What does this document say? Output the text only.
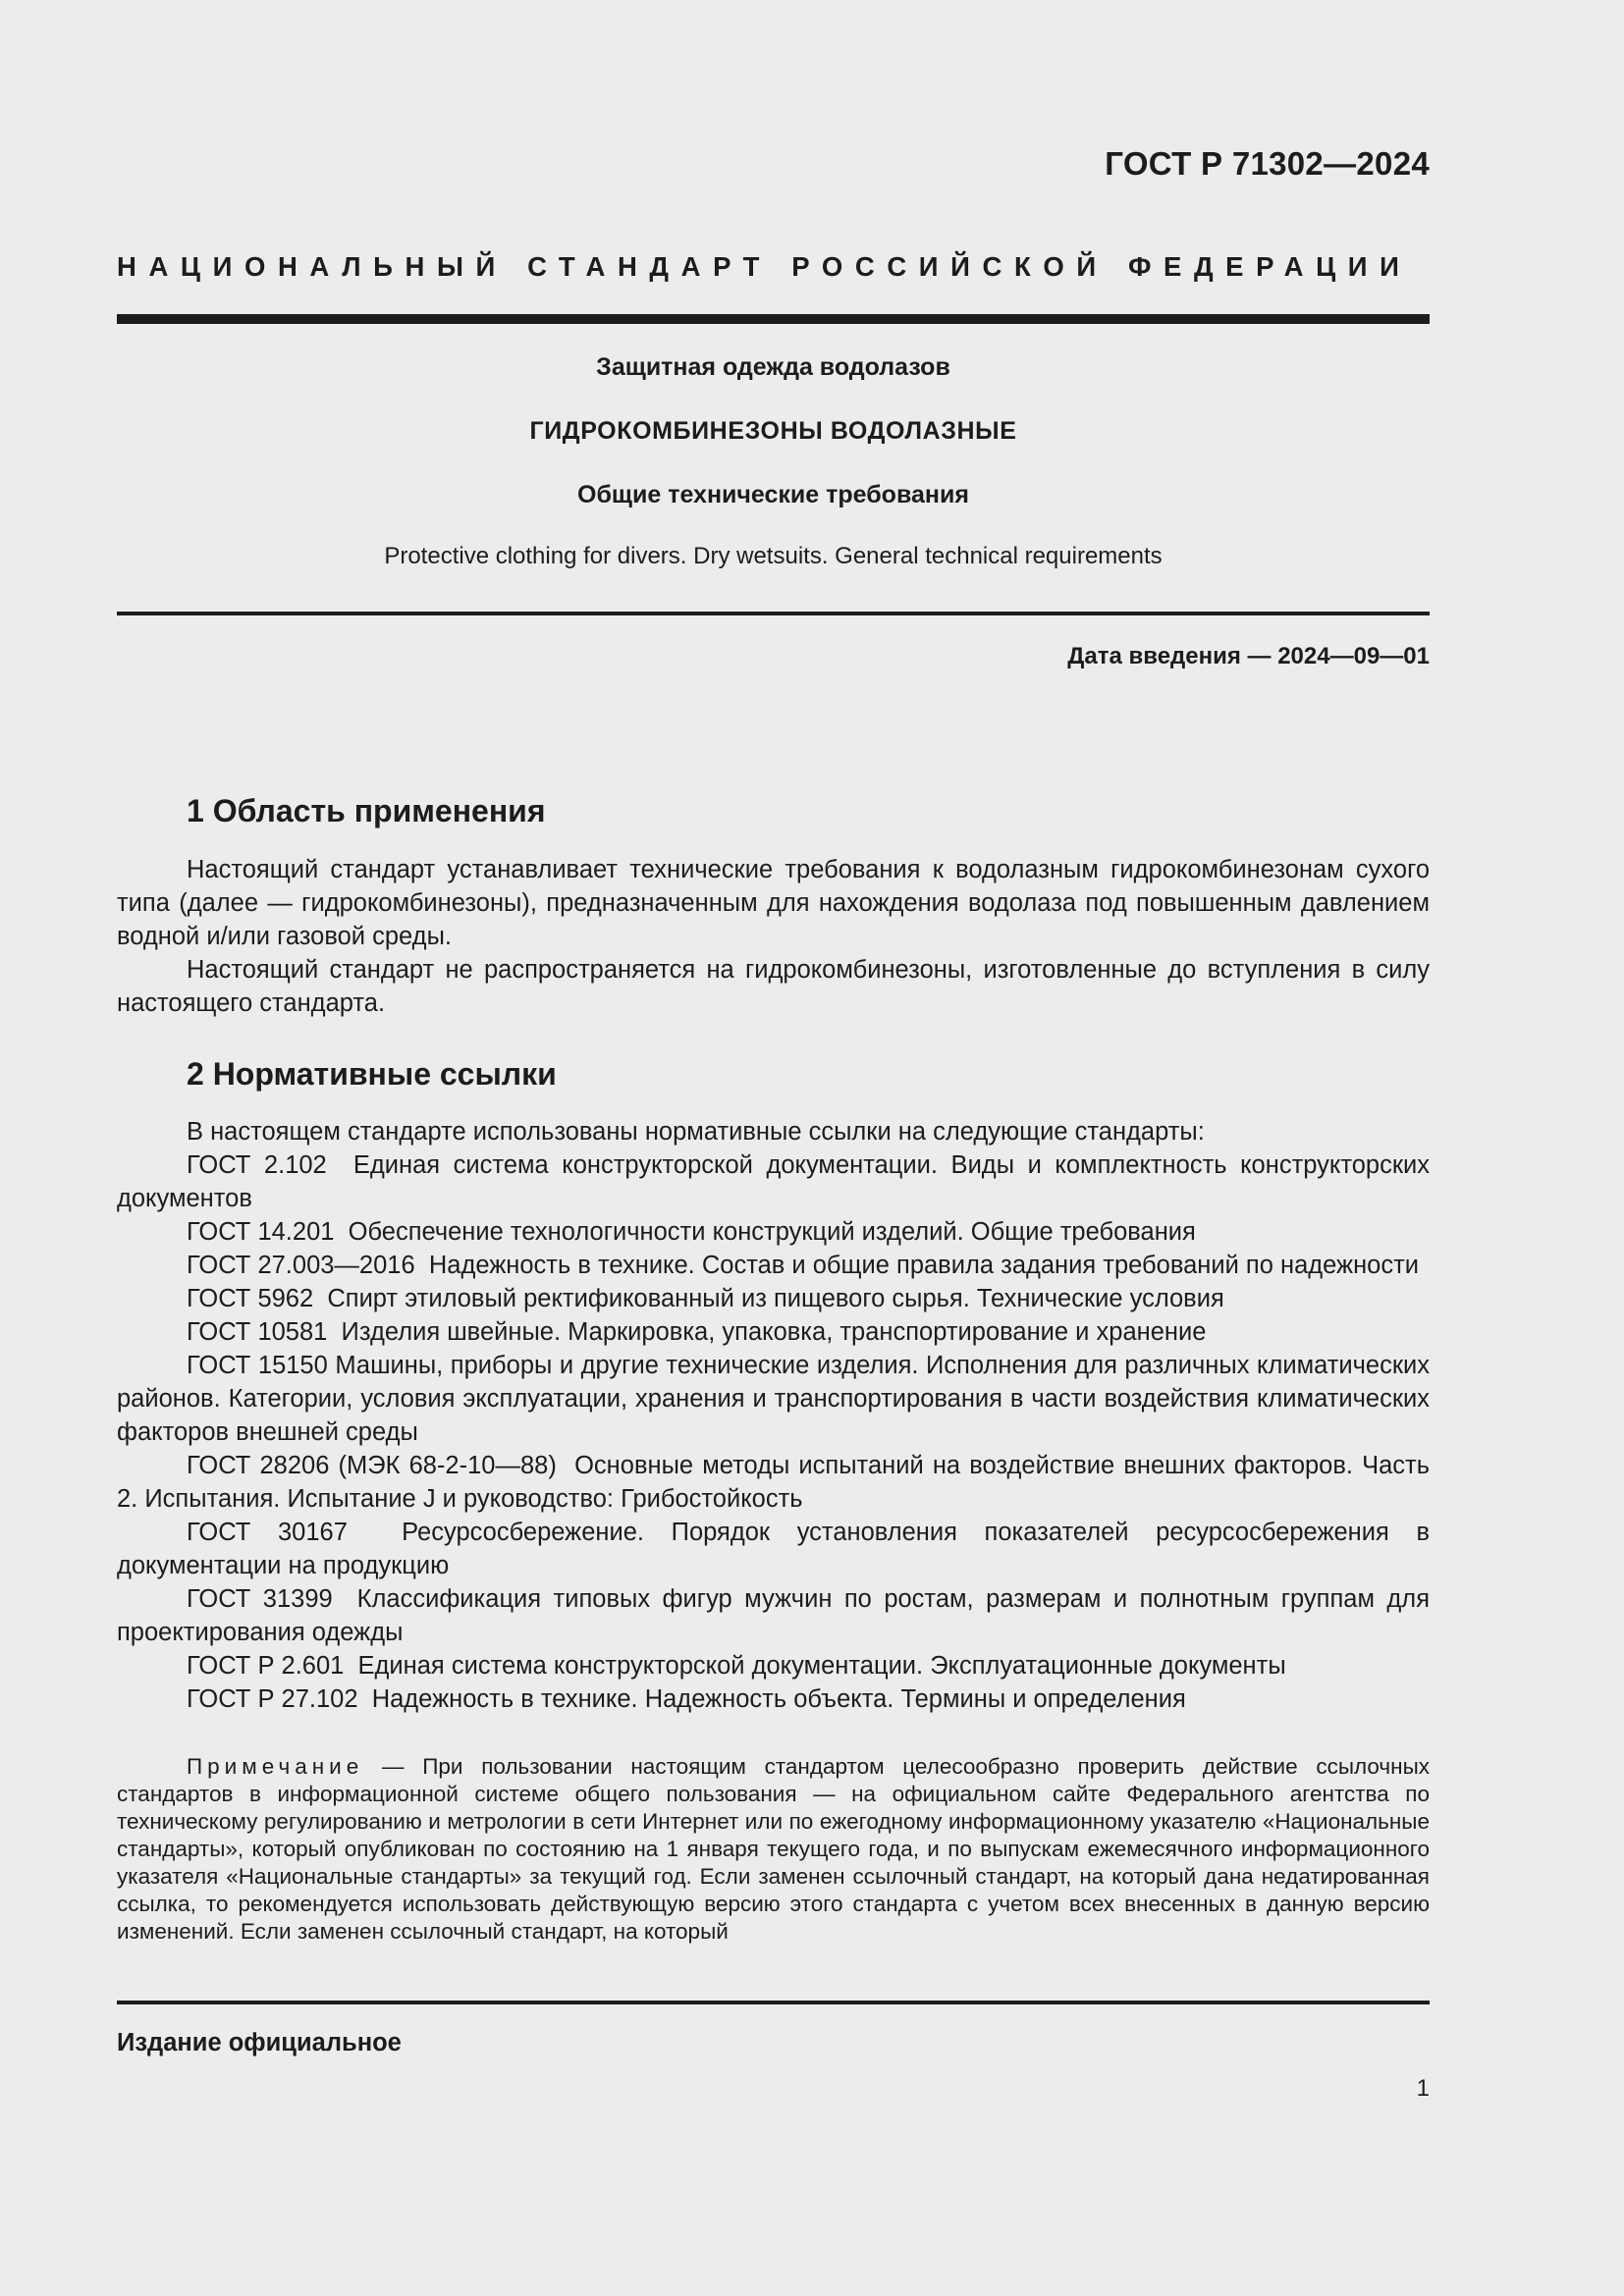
ГОСТ Р 71302—2024
НАЦИОНАЛЬНЫЙ СТАНДАРТ РОССИЙСКОЙ ФЕДЕРАЦИИ
Защитная одежда водолазов
ГИДРОКОМБИНЕЗОНЫ ВОДОЛАЗНЫЕ
Общие технические требования
Protective clothing for divers. Dry wetsuits. General technical requirements
Дата введения — 2024—09—01
1 Область применения

Настоящий стандарт устанавливает технические требования к водолазным гидрокомбинезонам сухого типа (далее — гидрокомбинезоны), предназначенным для нахождения водолаза под повышенным давлением водной и/или газовой среды.

Настоящий стандарт не распространяется на гидрокомбинезоны, изготовленные до вступления в силу настоящего стандарта.

2 Нормативные ссылки

В настоящем стандарте использованы нормативные ссылки на следующие стандарты:

ГОСТ 2.102 Единая система конструкторской документации. Виды и комплектность конструкторских документов

ГОСТ 14.201 Обеспечение технологичности конструкций изделий. Общие требования

ГОСТ 27.003—2016 Надежность в технике. Состав и общие правила задания требований по надежности

ГОСТ 5962 Спирт этиловый ректификованный из пищевого сырья. Технические условия

ГОСТ 10581 Изделия швейные. Маркировка, упаковка, транспортирование и хранение

ГОСТ 15150 Машины, приборы и другие технические изделия. Исполнения для различных климатических районов. Категории, условия эксплуатации, хранения и транспортирования в части воздействия климатических факторов внешней среды

ГОСТ 28206 (МЭК 68-2-10—88) Основные методы испытаний на воздействие внешних факторов. Часть 2. Испытания. Испытание J и руководство: Грибостойкость

ГОСТ 30167 Ресурсосбережение. Порядок установления показателей ресурсосбережения в документации на продукцию

ГОСТ 31399 Классификация типовых фигур мужчин по ростам, размерам и полнотным группам для проектирования одежды

ГОСТ Р 2.601 Единая система конструкторской документации. Эксплуатационные документы

ГОСТ Р 27.102 Надежность в технике. Надежность объекта. Термины и определения

Примечание — При пользовании настоящим стандартом целесообразно проверить действие ссылочных стандартов в информационной системе общего пользования — на официальном сайте Федерального агентства по техническому регулированию и метрологии в сети Интернет или по ежегодному информационному указателю «Национальные стандарты», который опубликован по состоянию на 1 января текущего года, и по выпускам ежемесячного информационного указателя «Национальные стандарты» за текущий год. Если заменен ссылочный стандарт, на который дана недатированная ссылка, то рекомендуется использовать действующую версию этого стандарта с учетом всех внесенных в данную версию изменений. Если заменен ссылочный стандарт, на который

Издание официальное
1
